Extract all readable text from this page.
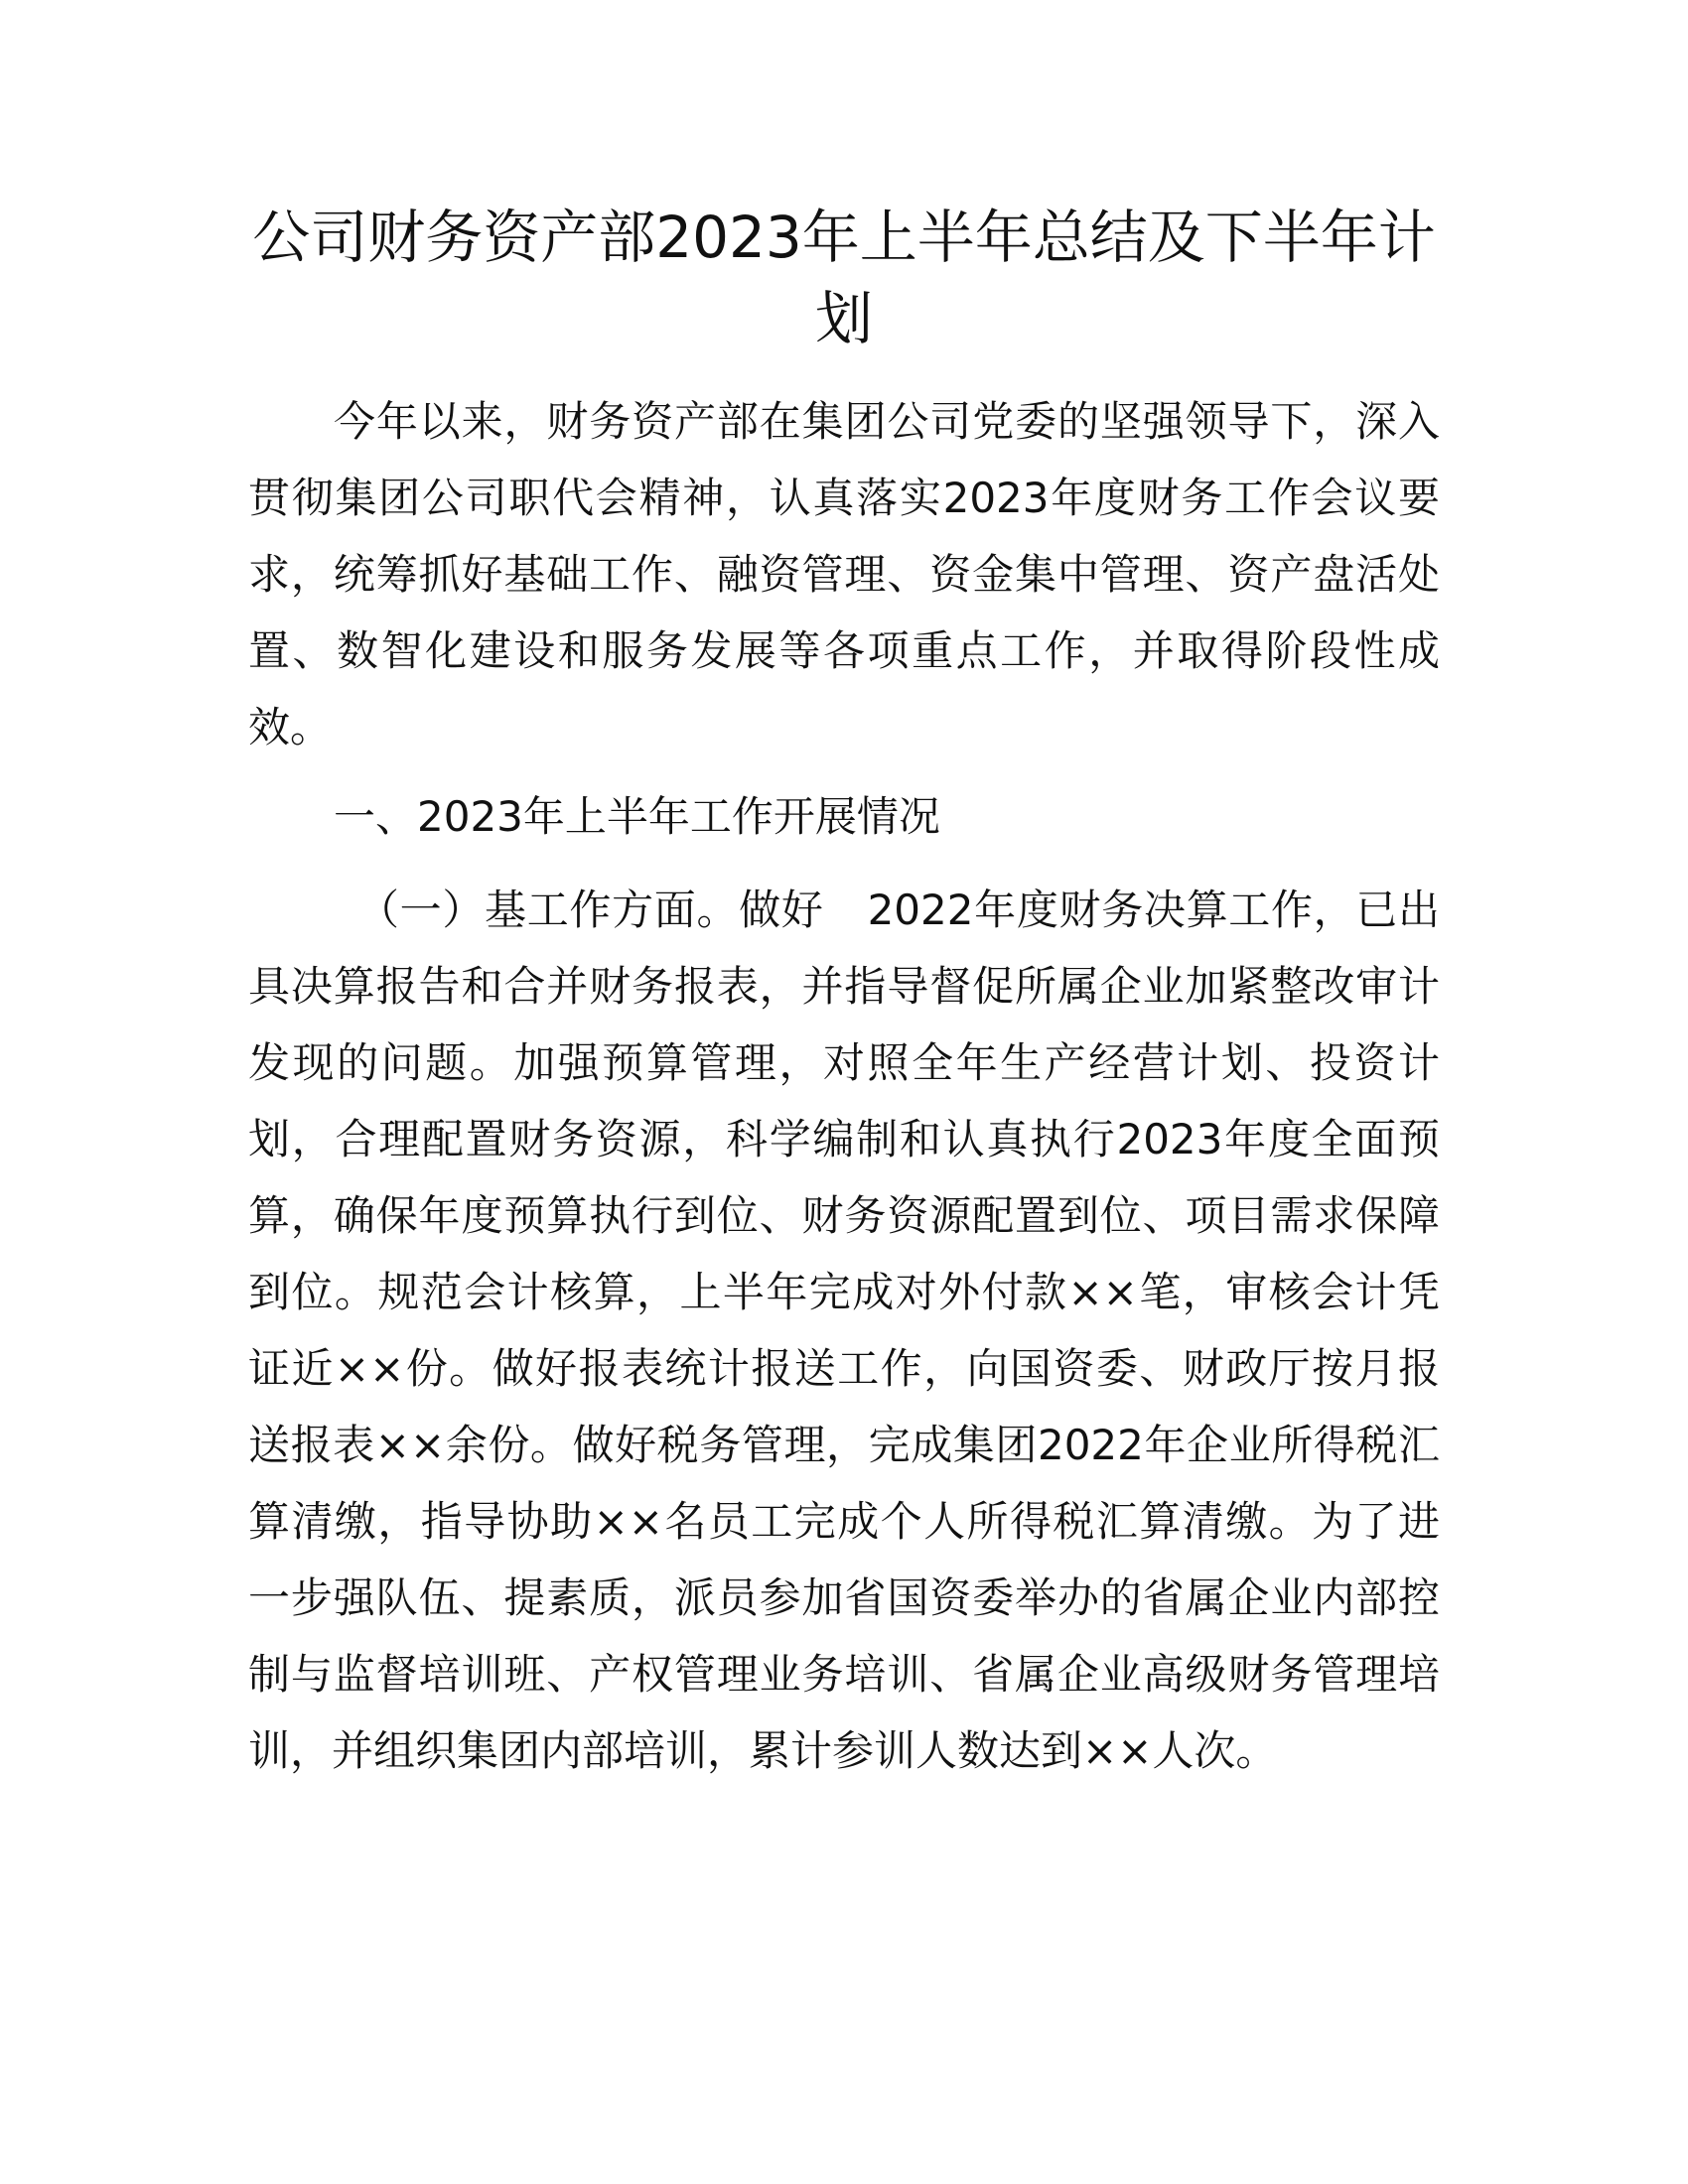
公司财务资产部2023年上半年总结及下半年计划

今年以来，财务资产部在集团公司党委的坚强领导下，深入贯彻集团公司职代会精神，认真落实2023年度财务工作会议要求，统筹抓好基础工作、融资管理、资金集中管理、资产盘活处置、数智化建设和服务发展等各项重点工作，并取得阶段性成效。

一、2023年上半年工作开展情况

（一）基工作方面。做好 2022年度财务决算工作，已出具决算报告和合并财务报表，并指导督促所属企业加紧整改审计发现的问题。加强预算管理，对照全年生产经营计划、投资计划，合理配置财务资源，科学编制和认真执行2023年度全面预算，确保年度预算执行到位、财务资源配置到位、项目需求保障到位。规范会计核算，上半年完成对外付款××笔，审核会计凭证近××份。做好报表统计报送工作，向国资委、财政厅按月报送报表××余份。做好税务管理，完成集团2022年企业所得税汇算清缴，指导协助××名员工完成个人所得税汇算清缴。为了进一步强队伍、提素质，派员参加省国资委举办的省属企业内部控制与监督培训班、产权管理业务培训、省属企业高级财务管理培训，并组织集团内部培训，累计参训人数达到××人次。
